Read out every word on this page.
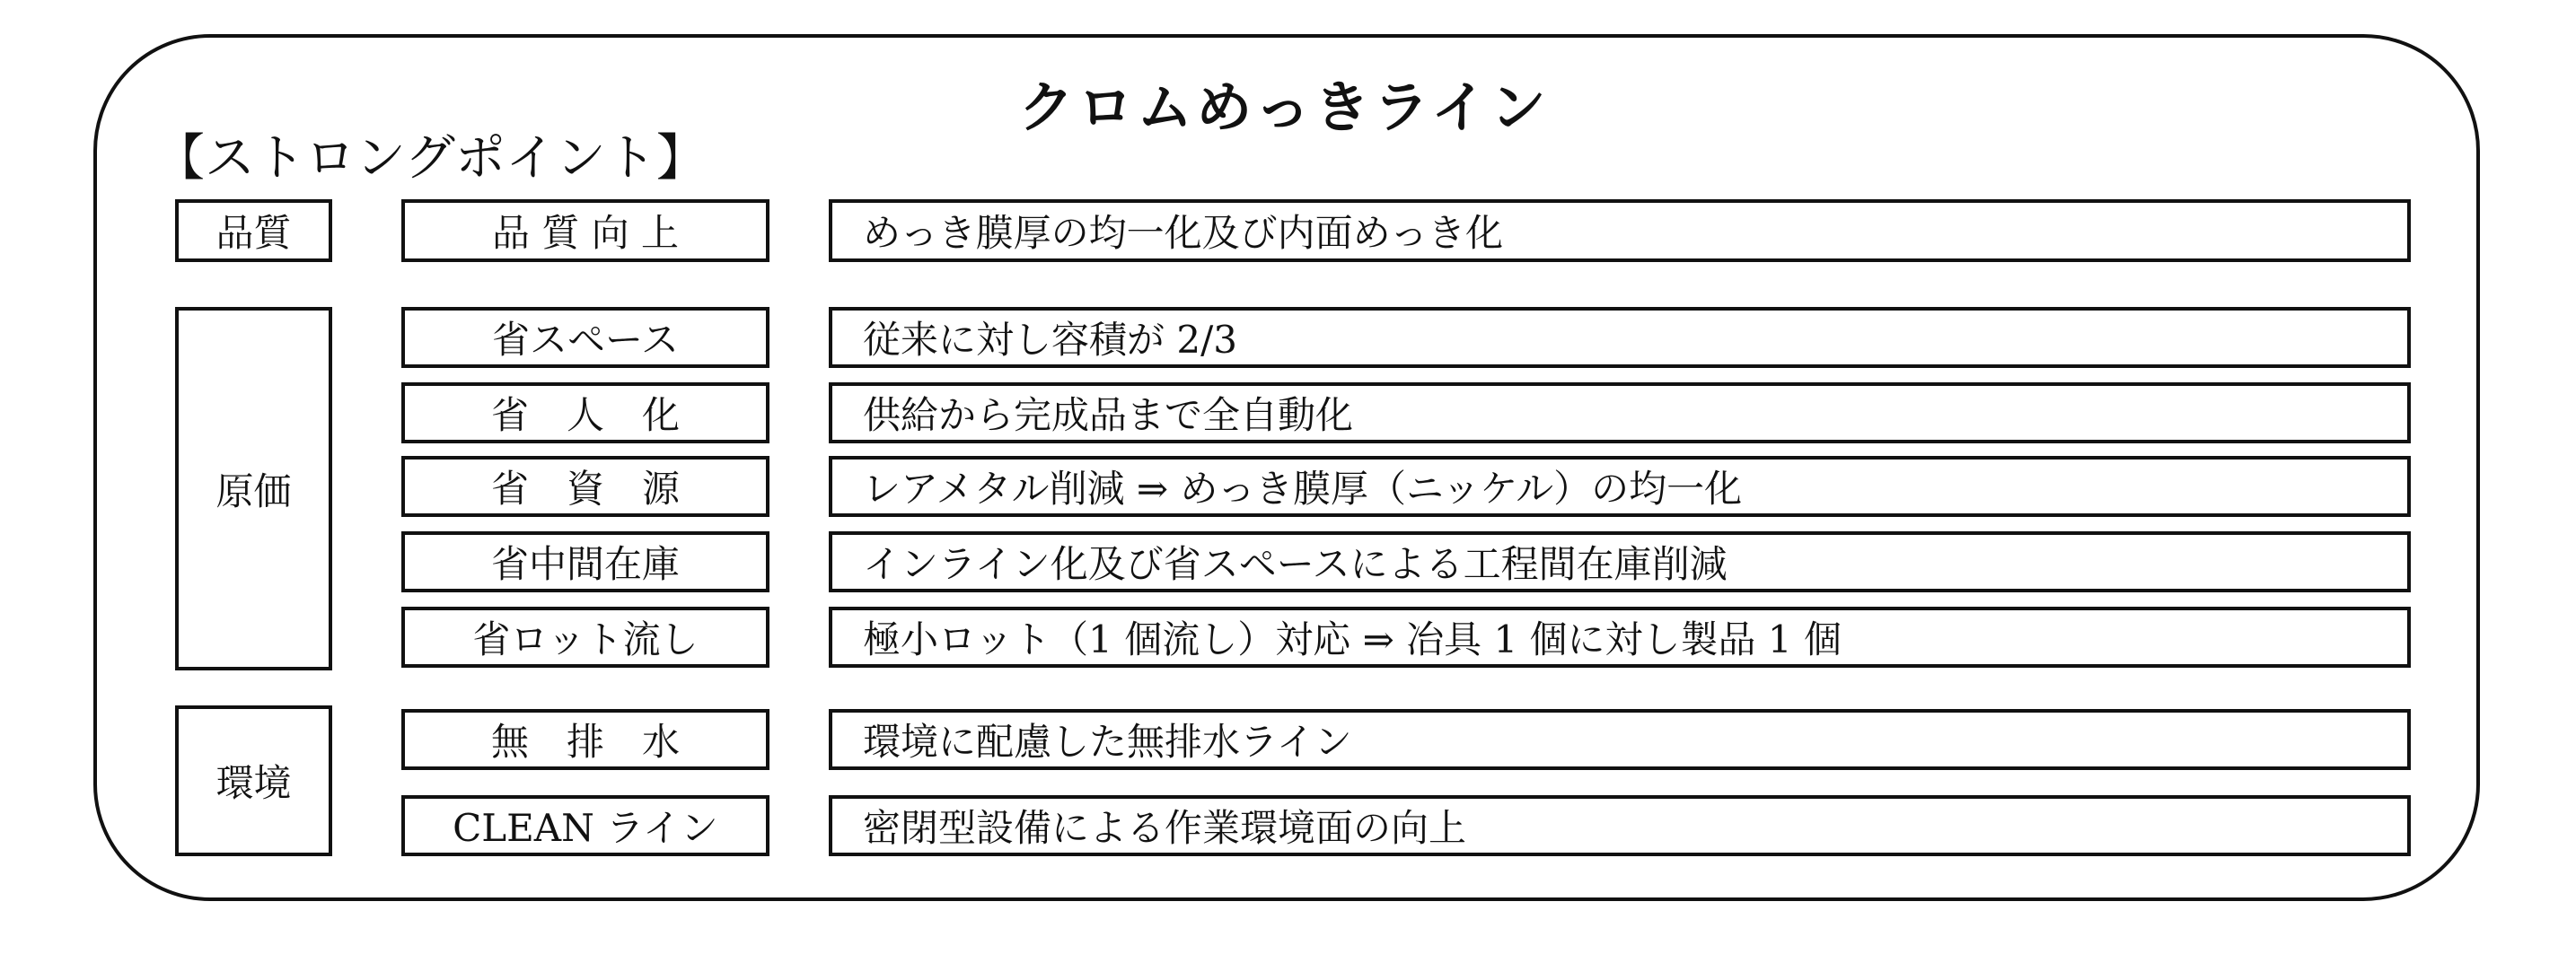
クロムめっきライン
【ストロングポイント】
品質	品 質 向 上	めっき膜厚の均一化及び内面めっき化
原価
省スペース	従来に対し容積が 2/3
省　人　化	供給から完成品まで全自動化
省　資　源	レアメタル削減 ⇒ めっき膜厚（ニッケル）の均一化
省中間在庫	インライン化及び省スペースによる工程間在庫削減
省ロット流し	極小ロット（1 個流し）対応 ⇒ 冶具 1 個に対し製品 1 個
環境
無　排　水	環境に配慮した無排水ライン
CLEAN ライン	密閉型設備による作業環境面の向上
